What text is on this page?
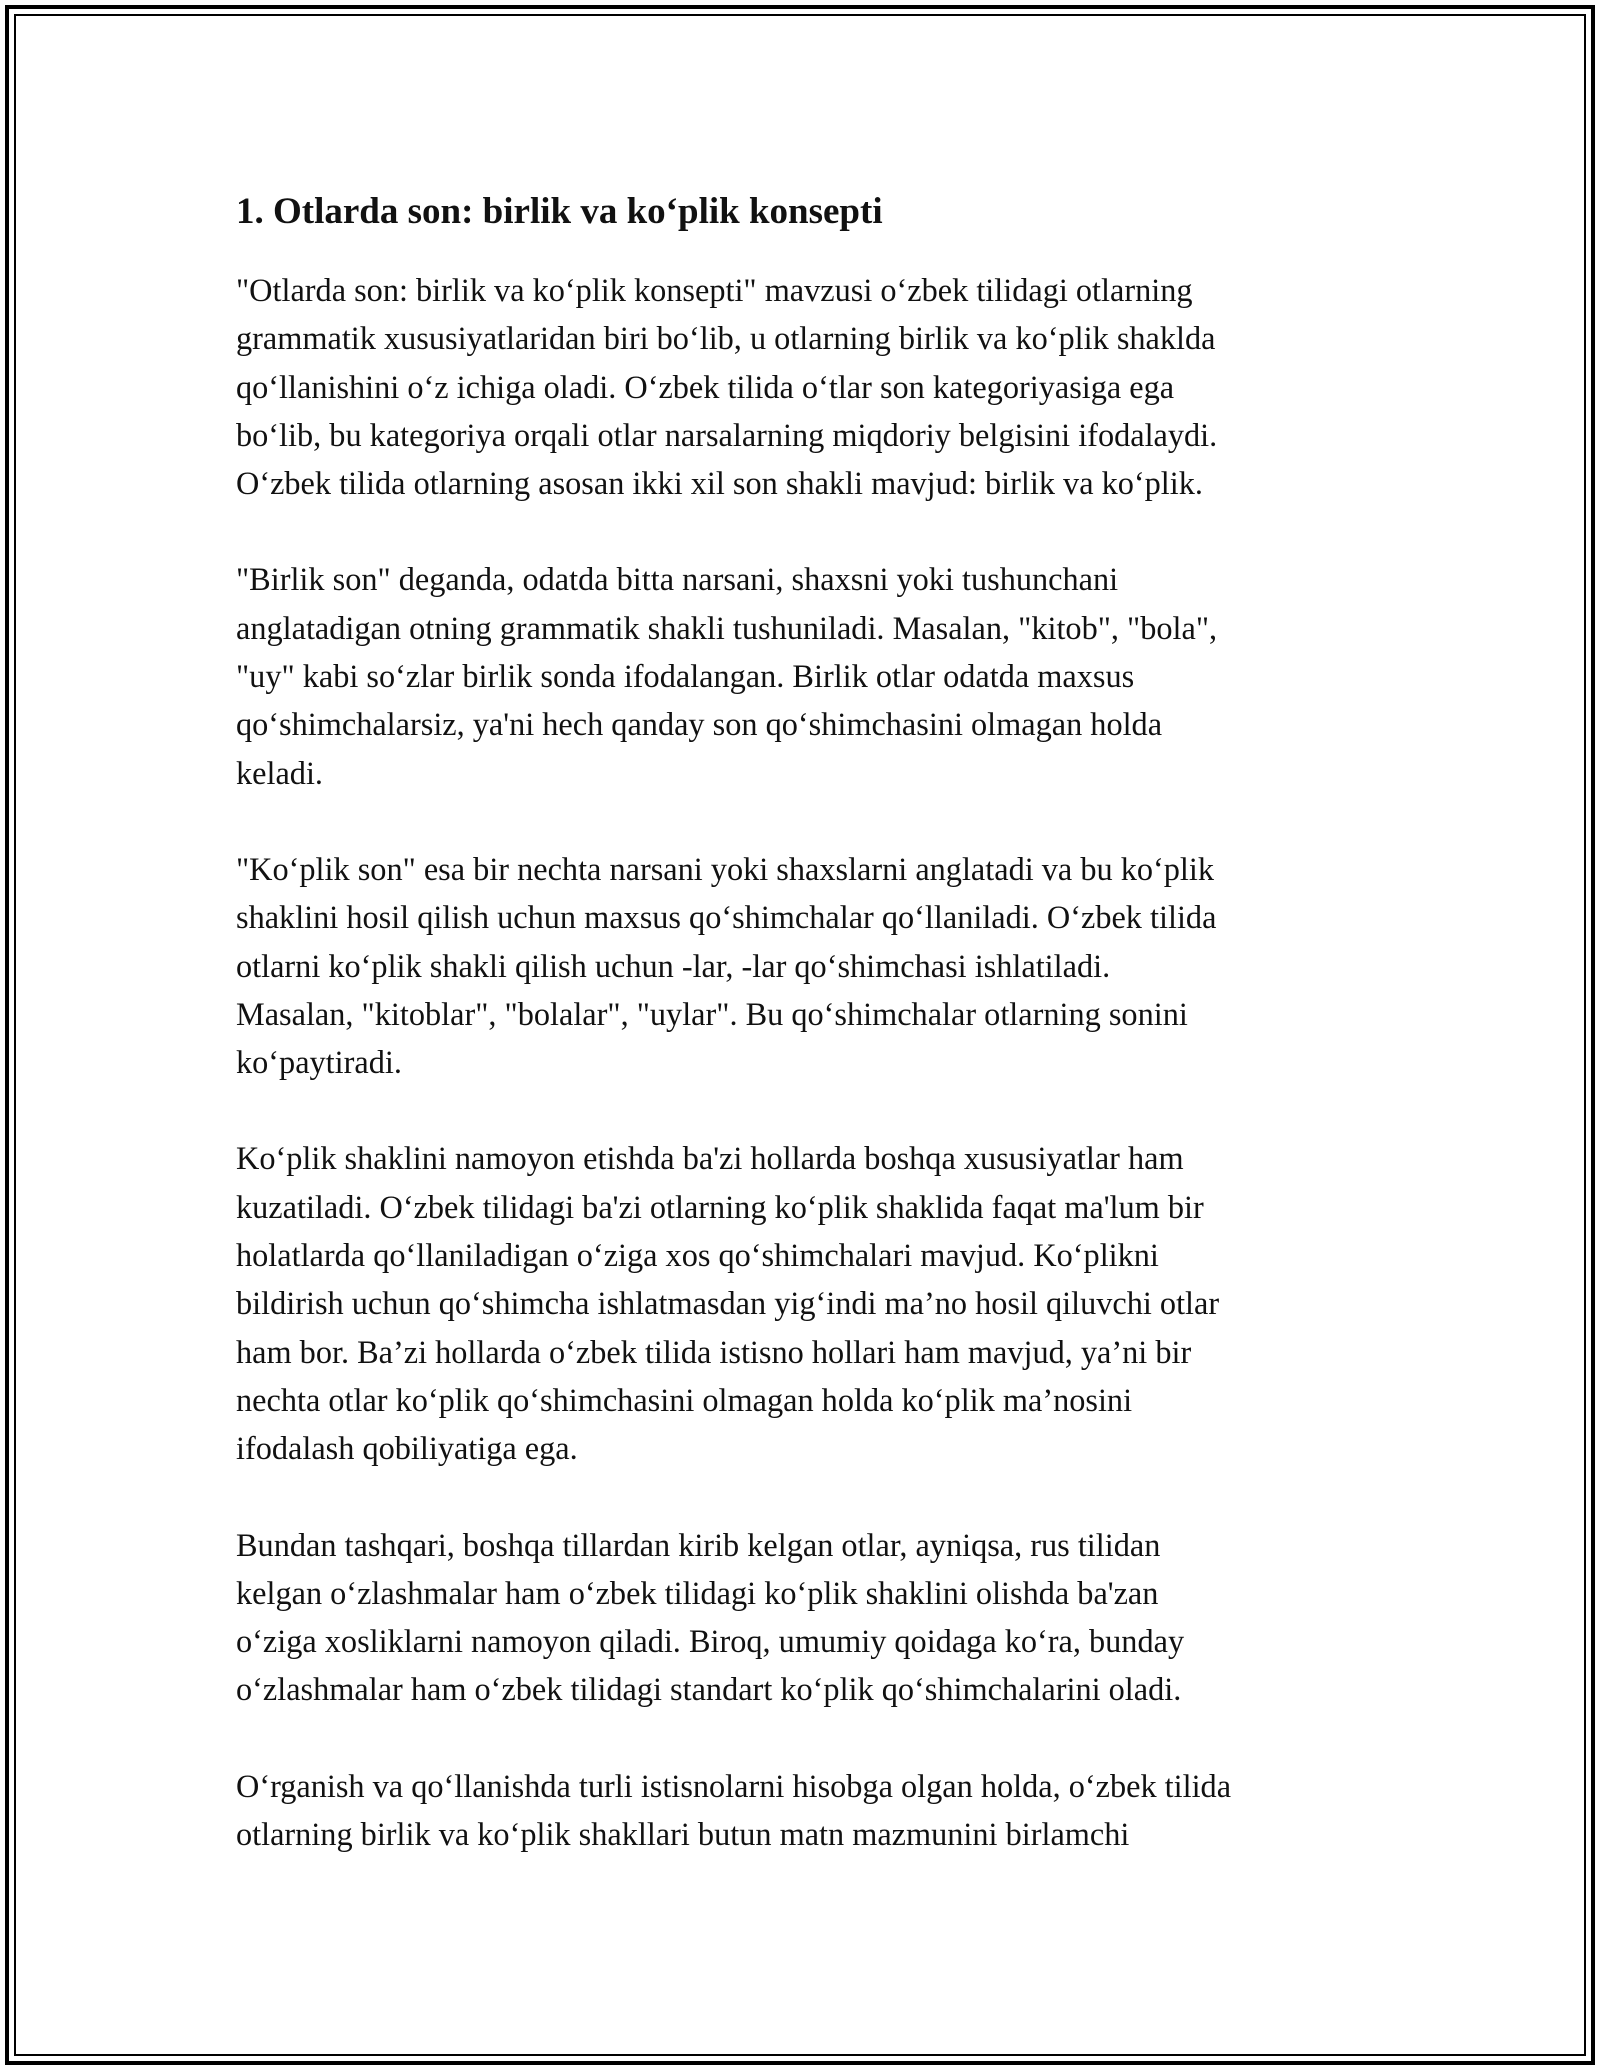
1. Otlarda son: birlik va ko‘plik konsepti

"Otlarda son: birlik va ko‘plik konsepti" mavzusi o‘zbek tilidagi otlarning
grammatik xususiyatlaridan biri bo‘lib, u otlarning birlik va ko‘plik shaklda
qo‘llanishini o‘z ichiga oladi. O‘zbek tilida o‘tlar son kategoriyasiga ega
bo‘lib, bu kategoriya orqali otlar narsalarning miqdoriy belgisini ifodalaydi.
O‘zbek tilida otlarning asosan ikki xil son shakli mavjud: birlik va ko‘plik.

"Birlik son" deganda, odatda bitta narsani, shaxsni yoki tushunchani
anglatadigan otning grammatik shakli tushuniladi. Masalan, "kitob", "bola",
"uy" kabi so‘zlar birlik sonda ifodalangan. Birlik otlar odatda maxsus
qo‘shimchalarsiz, ya'ni hech qanday son qo‘shimchasini olmagan holda
keladi.

"Ko‘plik son" esa bir nechta narsani yoki shaxslarni anglatadi va bu ko‘plik
shaklini hosil qilish uchun maxsus qo‘shimchalar qo‘llaniladi. O‘zbek tilida
otlarni ko‘plik shakli qilish uchun -lar, -lar qo‘shimchasi ishlatiladi.
Masalan, "kitoblar", "bolalar", "uylar". Bu qo‘shimchalar otlarning sonini
ko‘paytiradi.

Ko‘plik shaklini namoyon etishda ba'zi hollarda boshqa xususiyatlar ham
kuzatiladi. O‘zbek tilidagi ba'zi otlarning ko‘plik shaklida faqat ma'lum bir
holatlarda qo‘llaniladigan o‘ziga xos qo‘shimchalari mavjud. Ko‘plikni
bildirish uchun qo‘shimcha ishlatmasdan yig‘indi ma’no hosil qiluvchi otlar
ham bor. Ba’zi hollarda o‘zbek tilida istisno hollari ham mavjud, ya’ni bir
nechta otlar ko‘plik qo‘shimchasini olmagan holda ko‘plik ma’nosini
ifodalash qobiliyatiga ega.

Bundan tashqari, boshqa tillardan kirib kelgan otlar, ayniqsa, rus tilidan
kelgan o‘zlashmalar ham o‘zbek tilidagi ko‘plik shaklini olishda ba'zan
o‘ziga xosliklarni namoyon qiladi. Biroq, umumiy qoidaga ko‘ra, bunday
o‘zlashmalar ham o‘zbek tilidagi standart ko‘plik qo‘shimchalarini oladi.

O‘rganish va qo‘llanishda turli istisnolarni hisobga olgan holda, o‘zbek tilida
otlarning birlik va ko‘plik shakllari butun matn mazmunini birlamchi
